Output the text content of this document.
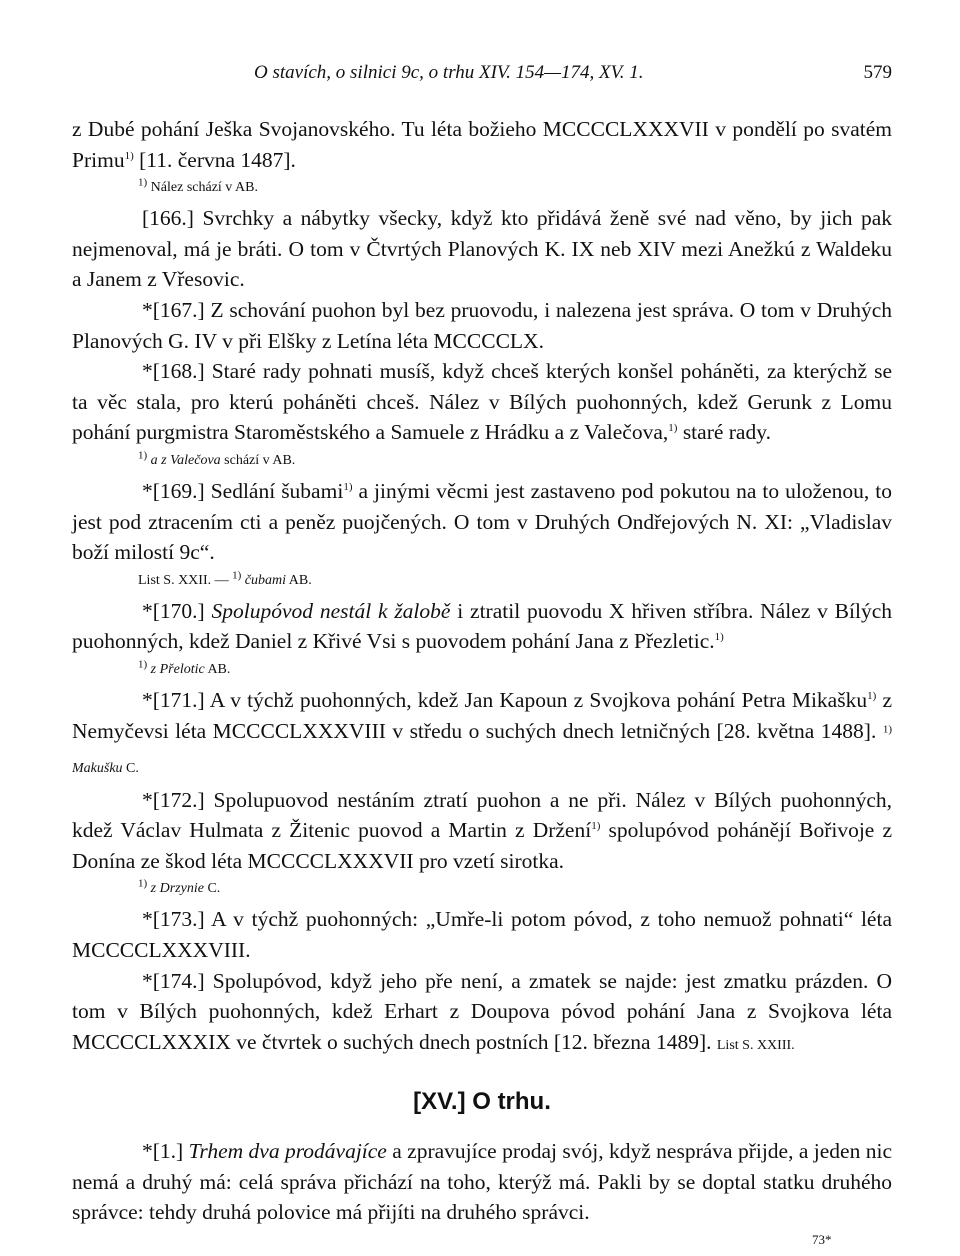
O stavích, o silnici 9c, o trhu XIV. 154—174, XV. 1.	579

z Dubé pohání Ješka Svojanovského. Tu léta božieho MCCCCLXXXVII v pondělí po svatém Primu$^{1)}$ [11. června 1487].

$^{1)}$ Nález schází v AB.

[166.] Svrchky a nábytky všecky, když kto přidává ženě své nad věno, by jich pak nejmenoval, má je bráti. O tom v Čtvrtých Planových K. IX neb XIV mezi Anežkú z Waldeku a Janem z Vřesovic.

*[167.] Z schování puohon byl bez pruovodu, i nalezena jest správa. O tom v Druhých Planových G. IV v při Elšky z Letína léta MCCCCLX.

*[168.] Staré rady pohnati musíš, když chceš kterých konšel poháněti, za kterýchž se ta věc stala, pro kterú poháněti chceš. Nález v Bílých puohonných, kdež Gerunk z Lomu pohání purgmistra Staroměstského a Samuele z Hrádku a z Valečova,$^{1)}$ staré rady.

$^{1)}$ a z Valečova schází v AB.

*[169.] Sedlání šubami$^{1)}$ a jinými věcmi jest zastaveno pod pokutou na to uloženou, to jest pod ztracením cti a peněz puojčených. O tom v Druhých Ondřejových N. XI: „Vladislav boží milostí 9c“.

List S. XXII. — $^{1)}$ čubami AB.

*[170.] Spolupóvod nestál k žalobě i ztratil puovodu X hřiven stříbra. Nález v Bílých puohonných, kdež Daniel z Křivé Vsi s puovodem pohání Jana z Přezletic.$^{1)}$

$^{1)}$ z Přelotic AB.

*[171.] A v týchž puohonných, kdež Jan Kapoun z Svojkova pohání Petra Mikašku$^{1)}$ z Nemyčevsi léta MCCCCLXXXVIII v středu o suchých dnech letničných [28. května 1488]. $^{1)}$ Makušku C.

*[172.] Spolupuovod nestáním ztratí puohon a ne při. Nález v Bílých puohonných, kdež Václav Hulmata z Žitenic puovod a Martin z Držení$^{1)}$ spolupóvod pohánějí Bořivoje z Donína ze škod léta MCCCCLXXXVII pro vzetí sirotka.

$^{1)}$ z Drzynie C.

*[173.] A v týchž puohonných: „Umře-li potom póvod, z toho nemuož pohnati“ léta MCCCCLXXXVIII.

*[174.] Spolupóvod, když jeho pře není, a zmatek se najde: jest zmatku prázden. O tom v Bílých puohonných, kdež Erhart z Doupova póvod pohání Jana z Svojkova léta MCCCCLXXXIX ve čtvrtek o suchých dnech postních [12. března 1489]. List S. XXIII.

[XV.] O trhu.

*[1.] Trhem dva prodávajíce a zpravujíce prodaj svój, když nespráva přijde, a jeden nic nemá a druhý má: celá správa přichází na toho, kterýž má. Pakli by se doptal statku druhého správce: tehdy druhá polovice má přijíti na druhého správci.

73*
